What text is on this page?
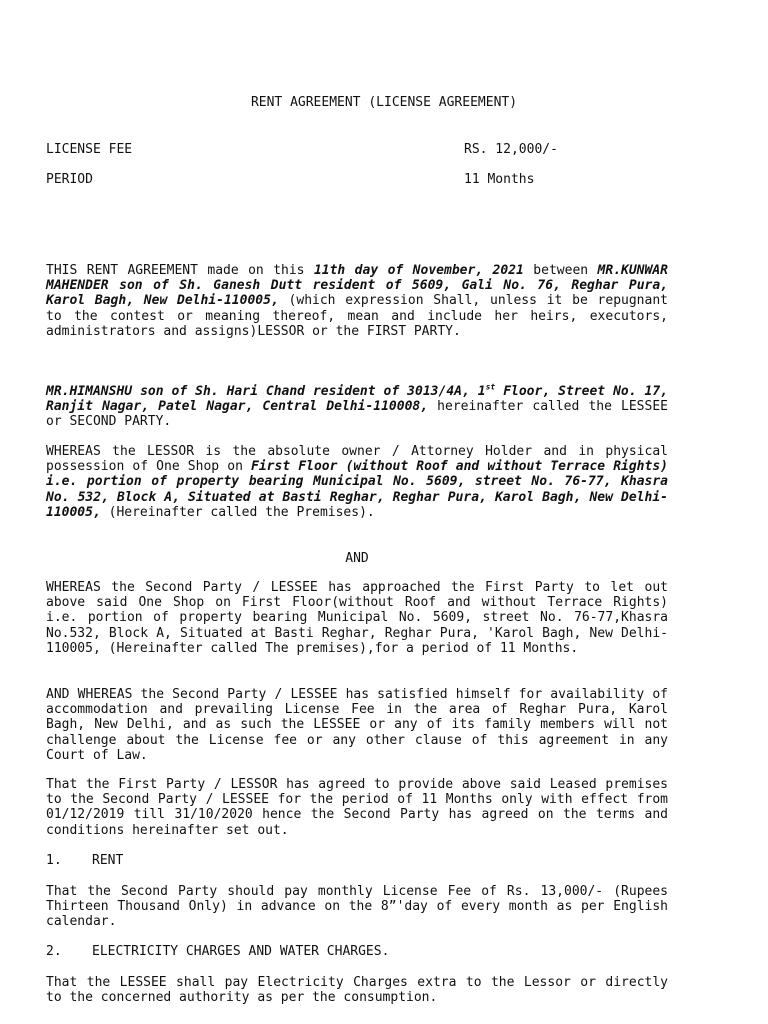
RENT AGREEMENT (LICENSE AGREEMENT)
LICENSE FEE	RS. 12,000/-
PERIOD	11 Months

THIS RENT AGREEMENT made on this 11th day of November, 2021 between MR.KUNWAR MAHENDER son of Sh. Ganesh Dutt resident of 5609, Gali No. 76, Reghar Pura, Karol Bagh, New Delhi-110005, (which expression Shall, unless it be repugnant to the contest or meaning thereof, mean and include her heirs, executors, administrators and assigns)LESSOR or the FIRST PARTY.

MR.HIMANSHU son of Sh. Hari Chand resident of 3013/4A, 1st Floor, Street No. 17, Ranjit Nagar, Patel Nagar, Central Delhi-110008, hereinafter called the LESSEE or SECOND PARTY.

WHEREAS the LESSOR is the absolute owner / Attorney Holder and in physical possession of One Shop on First Floor (without Roof and without Terrace Rights) i.e. portion of property bearing Municipal No. 5609, street No. 76-77, Khasra No. 532, Block A, Situated at Basti Reghar, Reghar Pura, Karol Bagh, New Delhi-110005, (Hereinafter called the Premises).

AND

WHEREAS the Second Party / LESSEE has approached the First Party to let out above said One Shop on First Floor(without Roof and without Terrace Rights) i.e. portion of property bearing Municipal No. 5609, street No. 76-77,Khasra No.532, Block A, Situated at Basti Reghar, Reghar Pura, 'Karol Bagh, New Delhi-110005, (Hereinafter called The premises),for a period of 11 Months.

AND WHEREAS the Second Party / LESSEE has satisfied himself for availability of accommodation and prevailing License Fee in the area of Reghar Pura, Karol Bagh, New Delhi, and as such the LESSEE or any of its family members will not challenge about the License fee or any other clause of this agreement in any Court of Law.

That the First Party / LESSOR has agreed to provide above said Leased premises to the Second Party / LESSEE for the period of 11 Months only with effect from 01/12/2019 till 31/10/2020 hence the Second Party has agreed on the terms and conditions hereinafter set out.

1. RENT

That the Second Party should pay monthly License Fee of Rs. 13,000/- (Rupees Thirteen Thousand Only) in advance on the 8”'day of every month as per English calendar.

2. ELECTRICITY CHARGES AND WATER CHARGES.

That the LESSEE shall pay Electricity Charges extra to the Lessor or directly to the concerned authority as per the consumption.
